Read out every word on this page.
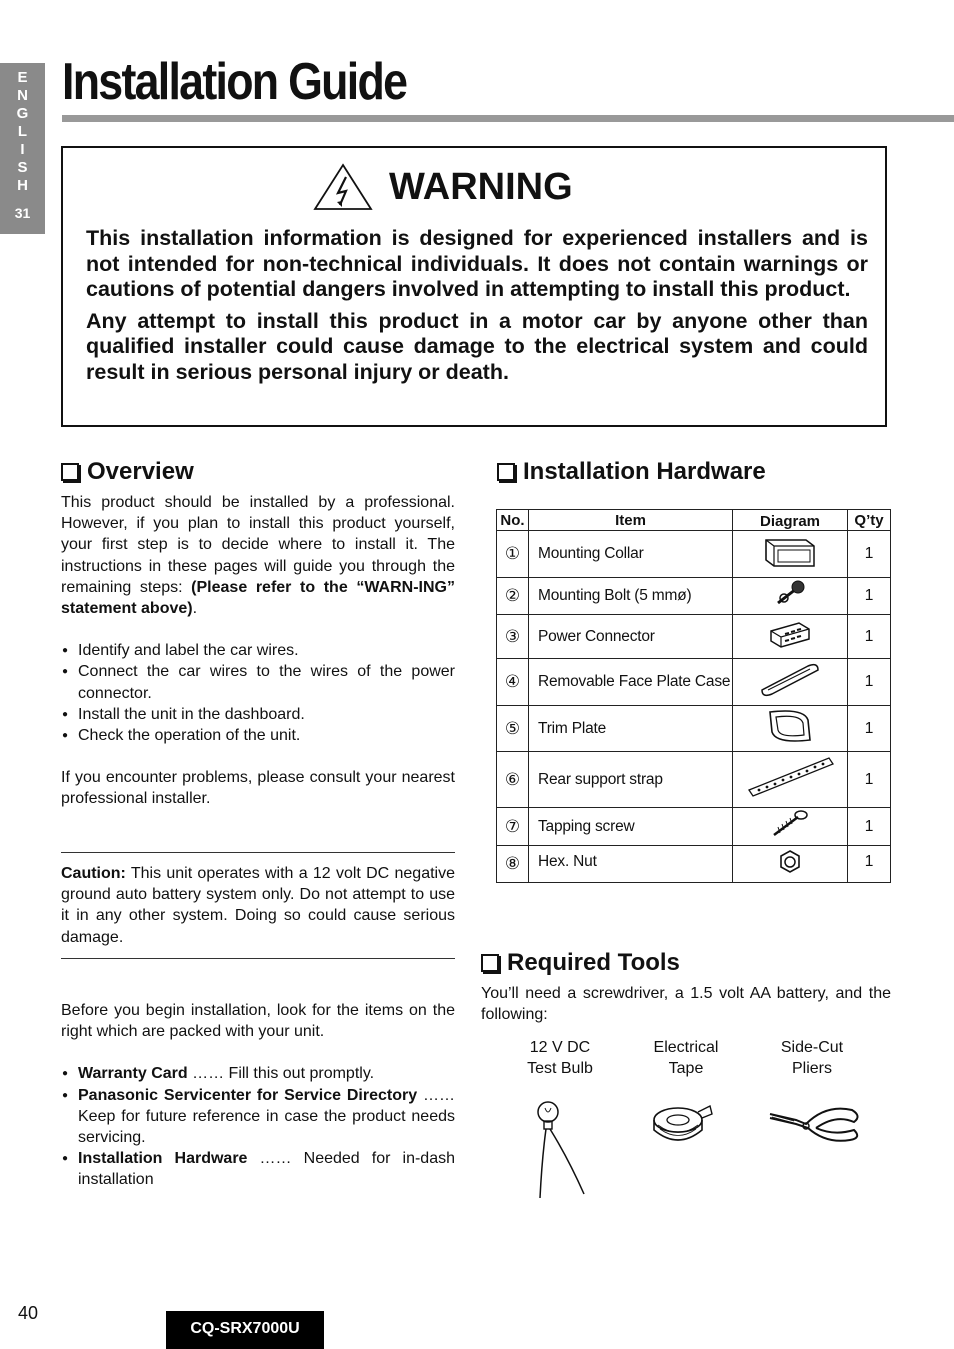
E
N
G
L
I
S
H
31
Installation Guide
WARNING

This installation information is designed for experienced installers and is not intended for non-technical individuals. It does not contain warnings or cautions of potential dangers involved in attempting to install this product.

Any attempt to install this product in a motor car by anyone other than qualified installer could cause damage to the electrical system and could result in serious personal injury or death.

Overview

This product should be installed by a professional. However, if you plan to install this product yourself, your first step is to decide where to install it. The instructions in these pages will guide you through the remaining steps: (Please refer to the “WARN-ING” statement above).

● Identify and label the car wires.
● Connect the car wires to the wires of the power connector.
● Install the unit in the dashboard.
● Check the operation of the unit.

If you encounter problems, please consult your nearest professional installer.

Caution: This unit operates with a 12 volt DC negative ground auto battery system only. Do not attempt to use it in any other system. Doing so could cause serious damage.

Before you begin installation, look for the items on the right which are packed with your unit.

● Warranty Card …… Fill this out promptly.
● Panasonic Servicenter for Service Directory …… Keep for future reference in case the product needs servicing.
● Installation Hardware …… Needed for in-dash installation
Installation Hardware
No.	Item	Diagram	Q’ty
①	Mounting Collar		1
②	Mounting Bolt (5 mmø)		1
③	Power Connector		1
④	Removable Face Plate Case		1
⑤	Trim Plate		1
⑥	Rear support strap		1
⑦	Tapping screw		1
⑧	Hex. Nut		1
Required Tools
You’ll need a screwdriver, a 1.5 volt AA battery, and the following:
12 V DC
Test Bulb
Electrical
Tape
Side-Cut
Pliers
40
CQ-SRX7000U
